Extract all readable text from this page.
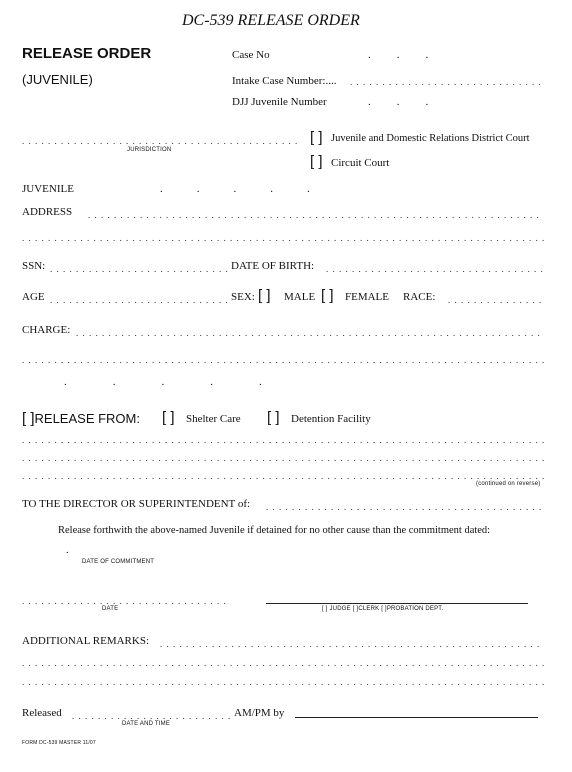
DC-539 RELEASE ORDER
RELEASE ORDER
(JUVENILE)
Case No	...
Intake Case Number:....
. . .
DJJ Juvenile Number	...
. . .
JURISDICTION
[ ] Juvenile and Domestic Relations District Court
[ ] Circuit Court
JUVENILE	.....
ADDRESS
. . .
. . .
SSN: . . .	DATE OF BIRTH:
. . .
AGE . . .	SEX: [ ] MALE [ ] FEMALE RACE:
. . .
CHARGE:
. . .
. . .
.....
[ ]RELEASE FROM: [ ] Shelter Care [ ] Detention Facility
. . .
. . .
. . .
(continued on reverse)
TO THE DIRECTOR OR SUPERINTENDENT of:
. . .
Release forthwith the above-named Juvenile if detained for no other cause than the commitment dated:
.
DATE OF COMMITMENT
. . .
DATE	[ ] JUDGE [ ]CLERK [ ]PROBATION DEPT.
ADDITIONAL REMARKS:
. . .
. . .
. . .
Released . . .	AM/PM by
DATE AND TIME
FORM DC-539 MASTER 11/07
